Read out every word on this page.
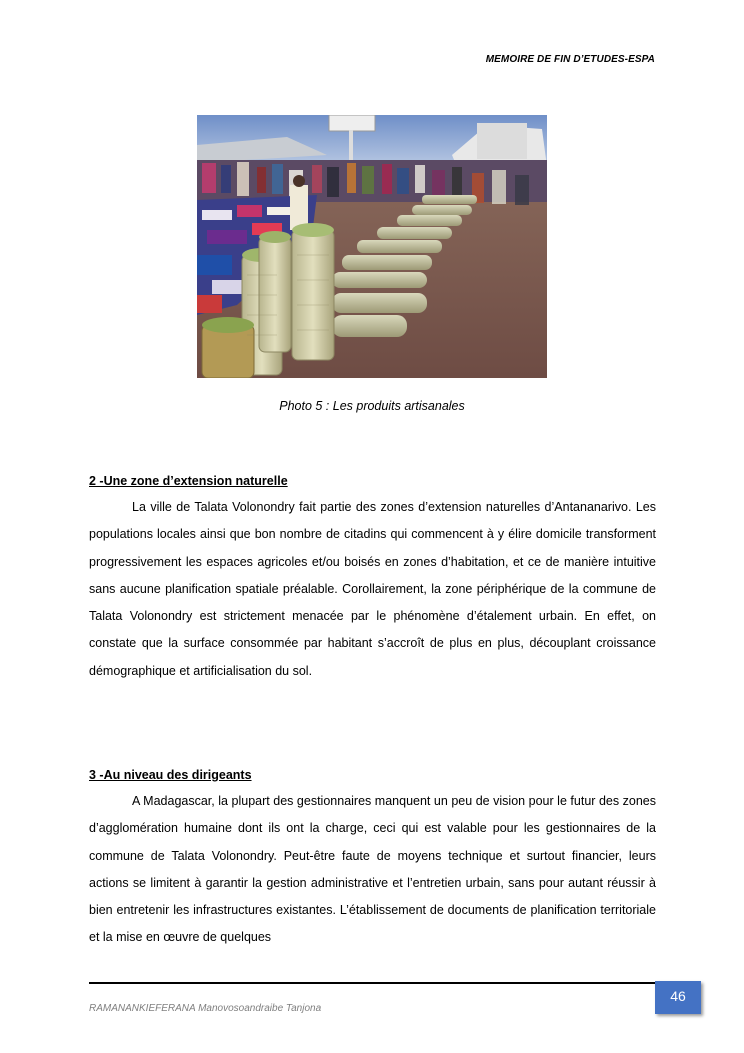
MEMOIRE DE FIN D’ETUDES-ESPA
Photo 5 : Les produits artisanales
2 -Une zone d’extension naturelle

La ville de Talata Volonondry fait partie des zones d’extension naturelles d’Antananarivo. Les populations locales ainsi que bon nombre de citadins qui commencent à y élire domicile transforment progressivement les espaces agricoles et/ou boisés en zones d’habitation, et ce de manière intuitive sans aucune planification spatiale préalable. Corollairement, la zone périphérique de la commune de Talata Volonondry est strictement menacée par le phénomène d’étalement urbain. En effet, on constate que la surface consommée par habitant s’accroît de plus en plus, découplant croissance démographique et artificialisation du sol.

3 -Au niveau des dirigeants

A Madagascar, la plupart des gestionnaires manquent un peu de vision pour le futur des zones d’agglomération humaine dont ils ont la charge, ceci qui est valable pour les gestionnaires de la commune de Talata Volonondry. Peut-être faute de moyens technique et surtout financier, leurs actions se limitent à garantir la gestion administrative et l’entretien urbain, sans pour autant réussir à bien entretenir les infrastructures existantes. L’établissement de documents de planification territoriale et la mise en œuvre de quelques

RAMANANKIEFERANA Manovosoandraibe Tanjona
46
